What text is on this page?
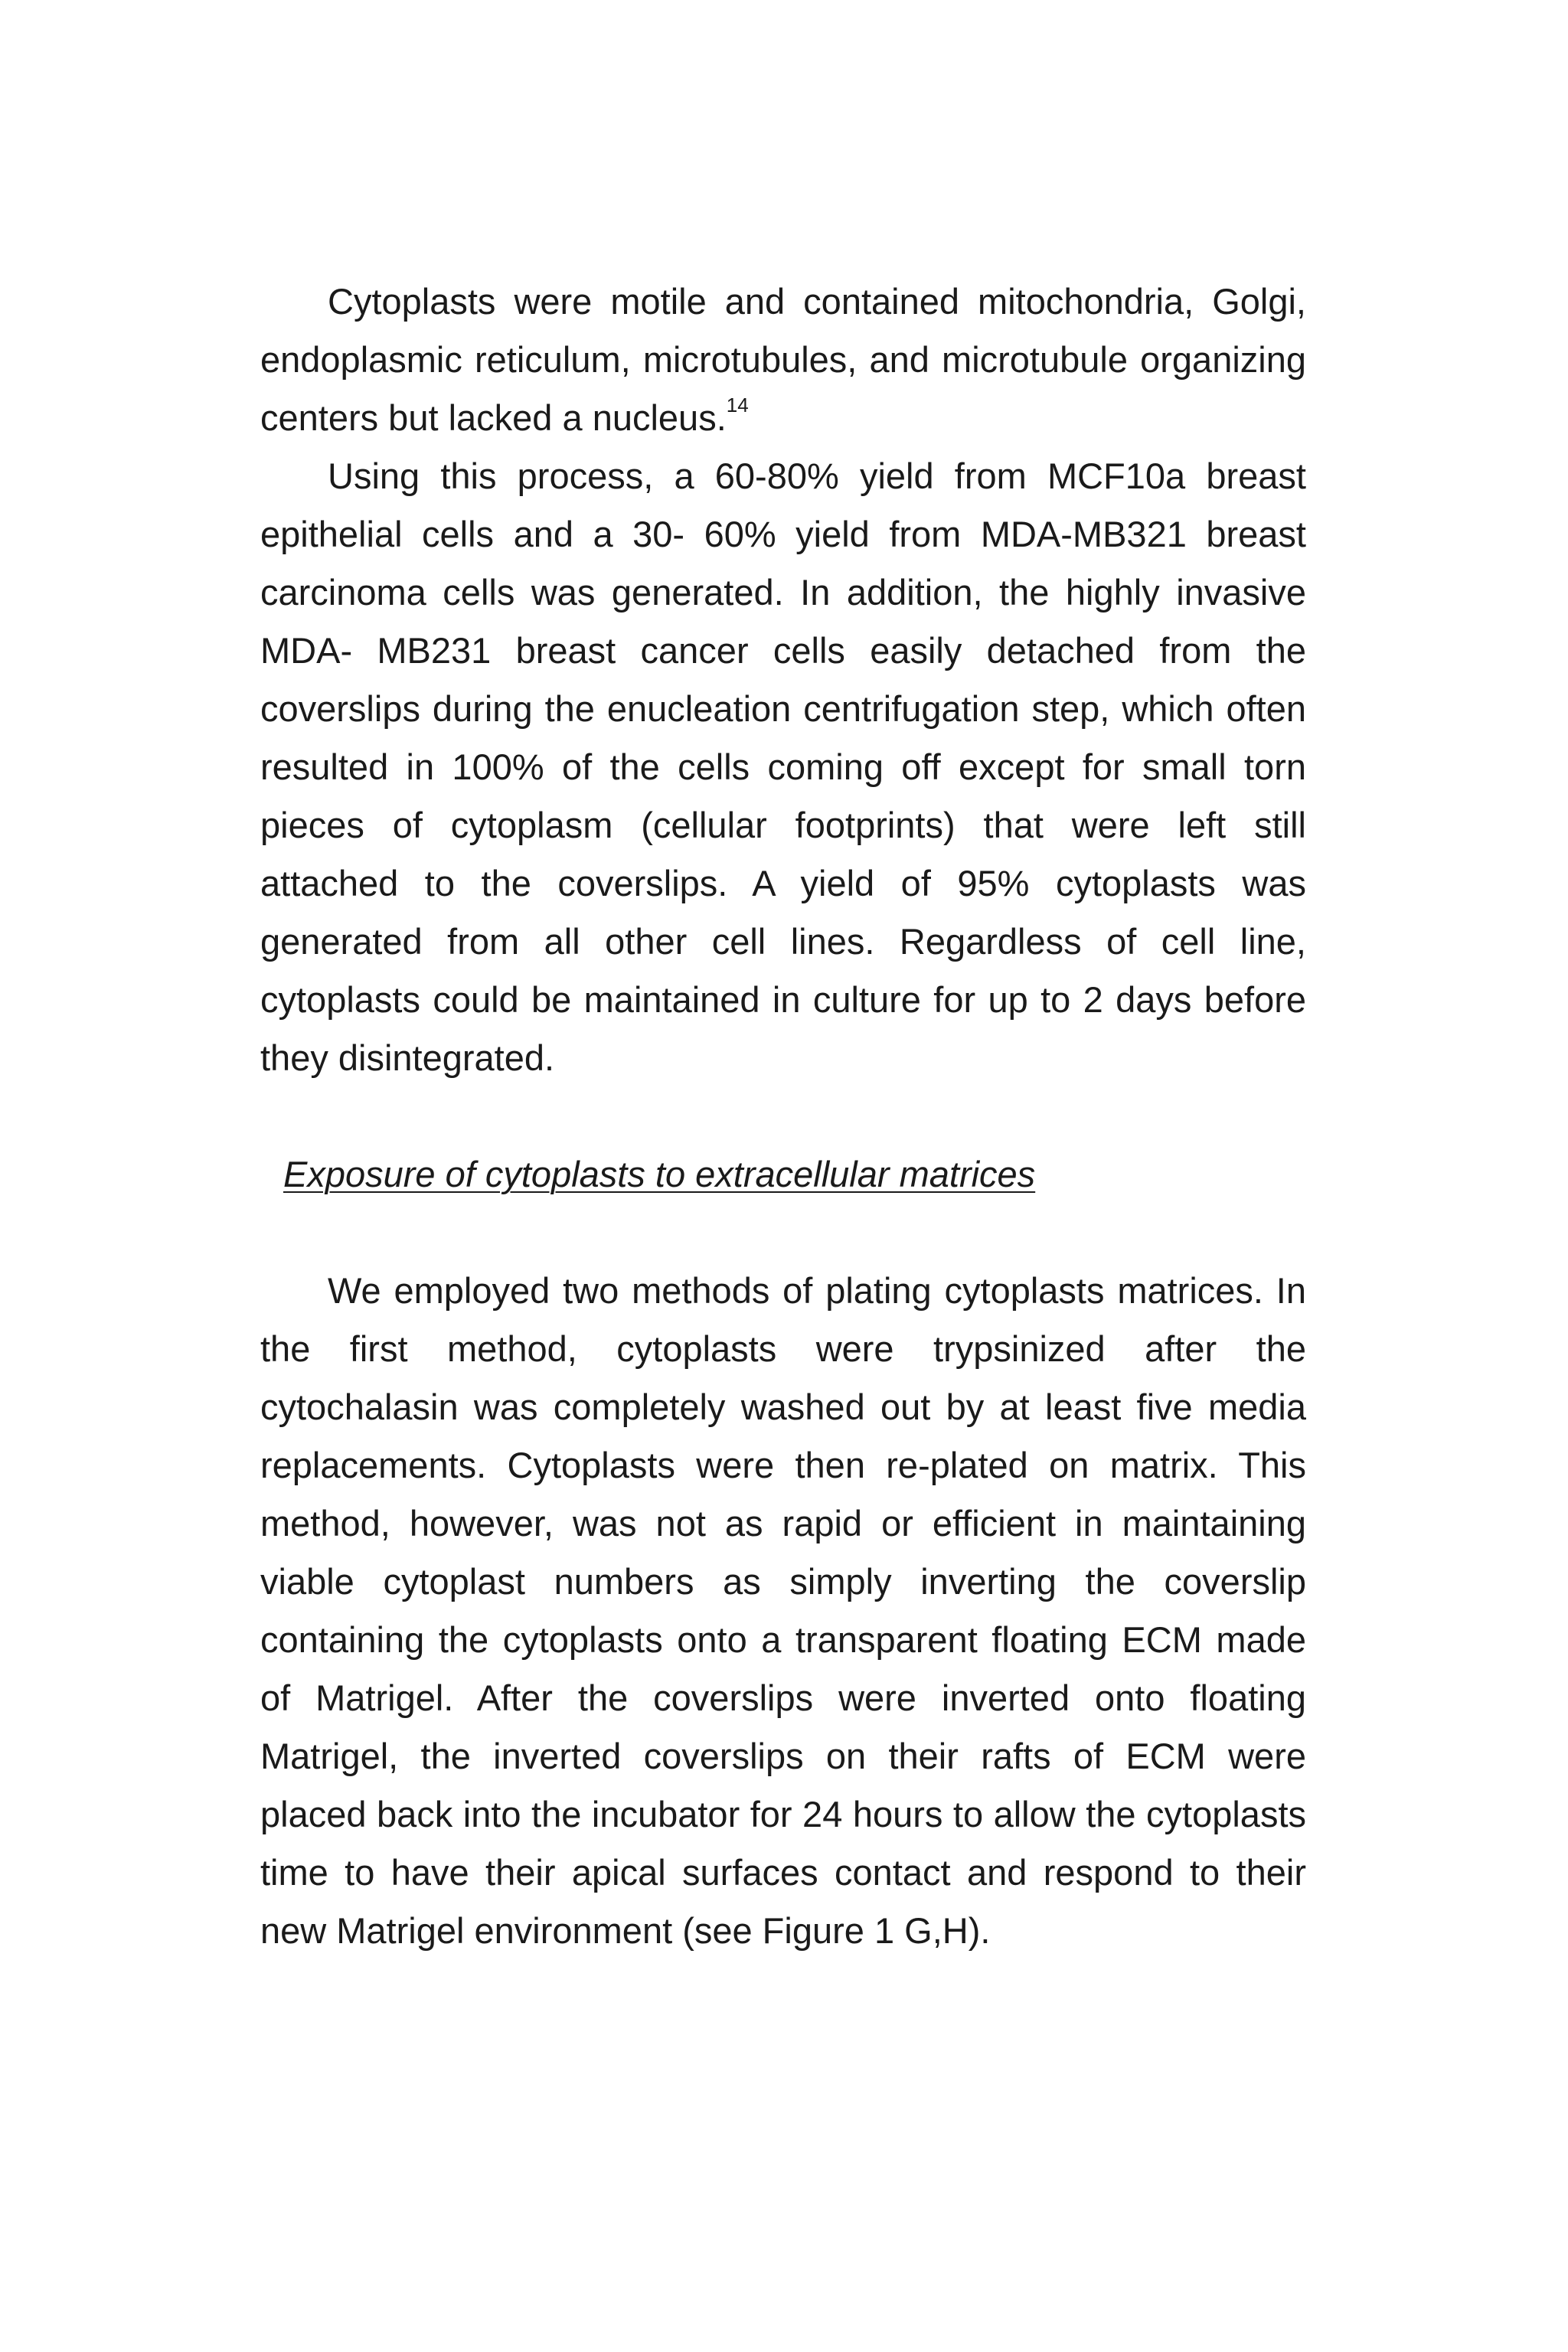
Cytoplasts were motile and contained mitochondria, Golgi, endoplasmic reticulum, microtubules, and microtubule organizing centers but lacked a nucleus.$^{14}$

Using this process, a 60-80% yield from MCF10a breast epithelial cells and a 30- 60% yield from MDA-MB321 breast carcinoma cells was generated. In addition, the highly invasive MDA- MB231 breast cancer cells easily detached from the coverslips during the enucleation centrifugation step, which often resulted in 100% of the cells coming off except for small torn pieces of cytoplasm (cellular footprints) that were left still attached to the coverslips. A yield of 95% cytoplasts was generated from all other cell lines. Regardless of cell line, cytoplasts could be maintained in culture for up to 2 days before they disintegrated.

Exposure of cytoplasts to extracellular matrices

We employed two methods of plating cytoplasts matrices. In the first method, cytoplasts were trypsinized after the cytochalasin was completely washed out by at least five media replacements. Cytoplasts were then re-plated on matrix. This method, however, was not as rapid or efficient in maintaining viable cytoplast numbers as simply inverting the coverslip containing the cytoplasts onto a transparent floating ECM made of Matrigel. After the coverslips were inverted onto floating Matrigel, the inverted coverslips on their rafts of ECM were placed back into the incubator for 24 hours to allow the cytoplasts time to have their apical surfaces contact and respond to their new Matrigel environment (see Figure 1 G,H).
